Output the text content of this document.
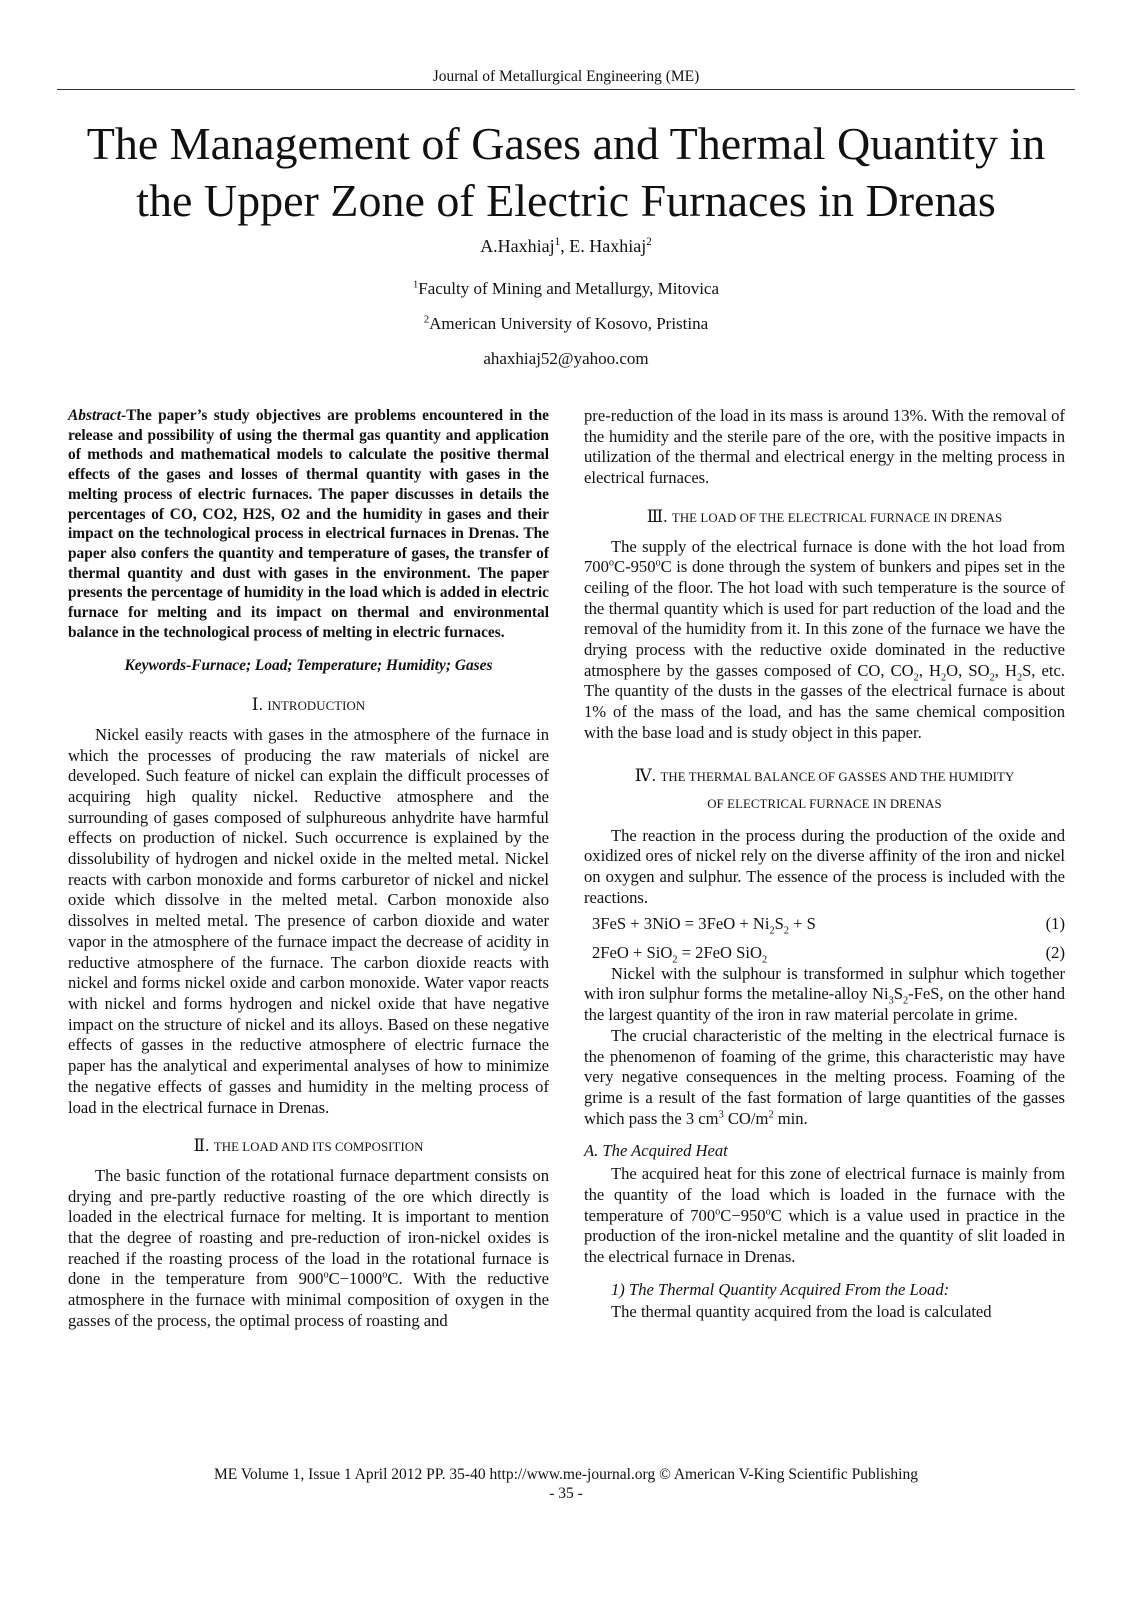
Journal of Metallurgical Engineering (ME)
The Management of Gases and Thermal Quantity in
the Upper Zone of Electric Furnaces in Drenas
A.Haxhiaj$^1$, E. Haxhiaj$^2$
$^1$Faculty of Mining and Metallurgy, Mitovica
$^2$American University of Kosovo, Pristina
ahaxhiaj52@yahoo.com

Abstract-The paper’s study objectives are problems encountered in the release and possibility of using the thermal gas quantity and application of methods and mathematical models to calculate the positive thermal effects of the gases and losses of thermal quantity with gases in the melting process of electric furnaces. The paper discusses in details the percentages of CO, CO2, H2S, O2 and the humidity in gases and their impact on the technological process in electrical furnaces in Drenas. The paper also confers the quantity and temperature of gases, the transfer of thermal quantity and dust with gases in the environment. The paper presents the percentage of humidity in the load which is added in electric furnace for melting and its impact on thermal and environmental balance in the technological process of melting in electric furnaces.

Keywords-Furnace; Load; Temperature; Humidity; Gases

Ⅰ. INTRODUCTION

Nickel easily reacts with gases in the atmosphere of the furnace in which the processes of producing the raw materials of nickel are developed. Such feature of nickel can explain the difficult processes of acquiring high quality nickel. Reductive atmosphere and the surrounding of gases composed of sulphureous anhydrite have harmful effects on production of nickel. Such occurrence is explained by the dissolubility of hydrogen and nickel oxide in the melted metal. Nickel reacts with carbon monoxide and forms carburetor of nickel and nickel oxide which dissolve in the melted metal. Carbon monoxide also dissolves in melted metal. The presence of carbon dioxide and water vapor in the atmosphere of the furnace impact the decrease of acidity in reductive atmosphere of the furnace. The carbon dioxide reacts with nickel and forms nickel oxide and carbon monoxide. Water vapor reacts with nickel and forms hydrogen and nickel oxide that have negative impact on the structure of nickel and its alloys. Based on these negative effects of gasses in the reductive atmosphere of electric furnace the paper has the analytical and experimental analyses of how to minimize the negative effects of gasses and humidity in the melting process of load in the electrical furnace in Drenas.

Ⅱ. THE LOAD AND ITS COMPOSITION

The basic function of the rotational furnace department consists on drying and pre-partly reductive roasting of the ore which directly is loaded in the electrical furnace for melting. It is important to mention that the degree of roasting and pre-reduction of iron-nickel oxides is reached if the roasting process of the load in the rotational furnace is done in the temperature from $900^oC-1000^oC$. With the reductive atmosphere in the furnace with minimal composition of oxygen in the gasses of the process, the optimal process of roasting and

pre-reduction of the load in its mass is around 13%. With the removal of the humidity and the sterile pare of the ore, with the positive impacts in utilization of the thermal and electrical energy in the melting process in electrical furnaces.

Ⅲ. THE LOAD OF THE ELECTRICAL FURNACE IN DRENAS

The supply of the electrical furnace is done with the hot load from 700$^o$C-950$^o$C is done through the system of bunkers and pipes set in the ceiling of the floor. The hot load with such temperature is the source of the thermal quantity which is used for part reduction of the load and the removal of the humidity from it. In this zone of the furnace we have the drying process with the reductive oxide dominated in the reductive atmosphere by the gasses composed of CO, $CO_2$, $H_2O$, $SO_2$, $H_2S$, etc. The quantity of the dusts in the gasses of the electrical furnace is about 1% of the mass of the load, and has the same chemical composition with the base load and is study object in this paper.

Ⅳ. THE THERMAL BALANCE OF GASSES AND THE HUMIDITY
OF ELECTRICAL FURNACE IN DRENAS

The reaction in the process during the production of the oxide and oxidized ores of nickel rely on the diverse affinity of the iron and nickel on oxygen and sulphur. The essence of the process is included with the reactions.

$3FeS + 3NiO = 3FeO + Ni_2S_2 + S$	(1)
2FeO + SiO$_2$ = 2FeO SiO$_2$	(2)

Nickel with the sulphour is transformed in sulphur which together with iron sulphur forms the metaline-alloy $Ni_3S_2$-FeS, on the other hand the largest quantity of the iron in raw material percolate in grime.

The crucial characteristic of the melting in the electrical furnace is the phenomenon of foaming of the grime, this characteristic may have very negative consequences in the melting process. Foaming of the grime is a result of the fast formation of large quantities of the gasses which pass the 3 $cm^3$ $CO/m^2$ min.

A. The Acquired Heat

The acquired heat for this zone of electrical furnace is mainly from the quantity of the load which is loaded in the furnace with the temperature of $700^oC-950^oC$ which is a value used in practice in the production of the iron-nickel metaline and the quantity of slit loaded in the electrical furnace in Drenas.

1) The Thermal Quantity Acquired From the Load:

The thermal quantity acquired from the load is calculated

ME Volume 1, Issue 1 April 2012 PP. 35-40 http://www.me-journal.org © American V-King Scientific Publishing
- 35 -
